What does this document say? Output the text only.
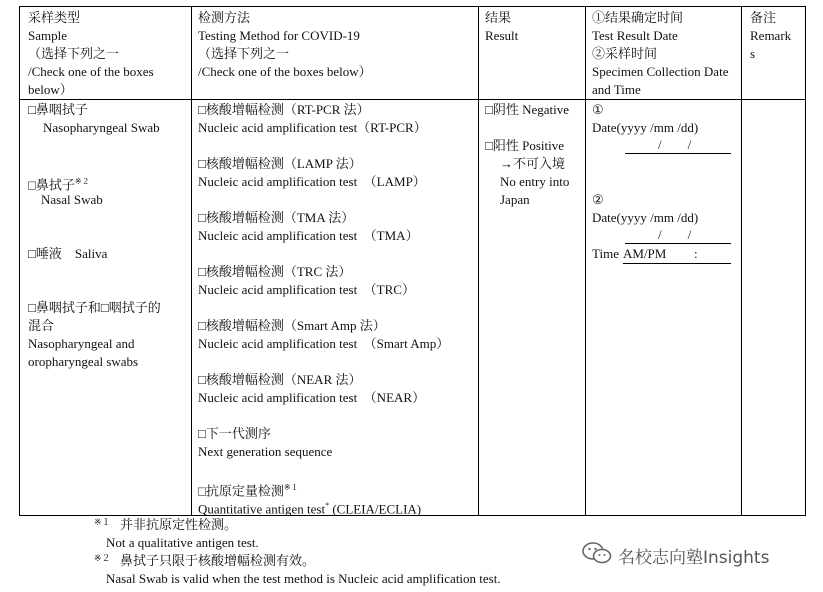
采样类型
Sample
（选择下列之一
/Check one of the boxes
below）
检测方法
Testing Method for COVID-19
（选择下列之一
/Check one of the boxes below）
结果
Result
①结果确定时间
Test Result Date
②采样时间
Specimen Collection Date
and Time
备注
Remark
s
□鼻咽拭子
Nasopharyngeal Swab
□鼻拭子$^{※2}$
Nasal Swab
□唾液　Saliva
□鼻咽拭子和□咽拭子的
混合
Nasopharyngeal and
oropharyngeal swabs
□核酸增幅检测（RT-PCR 法）
Nucleic acid amplification test（RT-PCR）
□核酸增幅检测（LAMP 法）
Nucleic acid amplification test　（LAMP）
□核酸增幅检测（TMA 法）
Nucleic acid amplification test　（TMA）
□核酸增幅检测（TRC 法）
Nucleic acid amplification test　（TRC）
□核酸增幅检测（Smart Amp 法）
Nucleic acid amplification test　（Smart Amp）
□核酸增幅检测（NEAR 法）
Nucleic acid amplification test　（NEAR）
□下一代测序
Next generation sequence
□抗原定量检测$^{※1}$
Quantitative antigen test* (CLEIA/ECLIA)
□阴性 Negative
□阳性 Positive
→不可入境
No entry into
Japan
①
Date(yyyy /mm /dd)
/　　/
②
Date(yyyy /mm /dd)
/　　/
Time AM/PM :
※１ 并非抗原定性检测。
Not a qualitative antigen test.
※２ 鼻拭子只限于核酸增幅检测有效。
Nasal Swab is valid when the test method is Nucleic acid amplification test.
名校志向塾Insights
